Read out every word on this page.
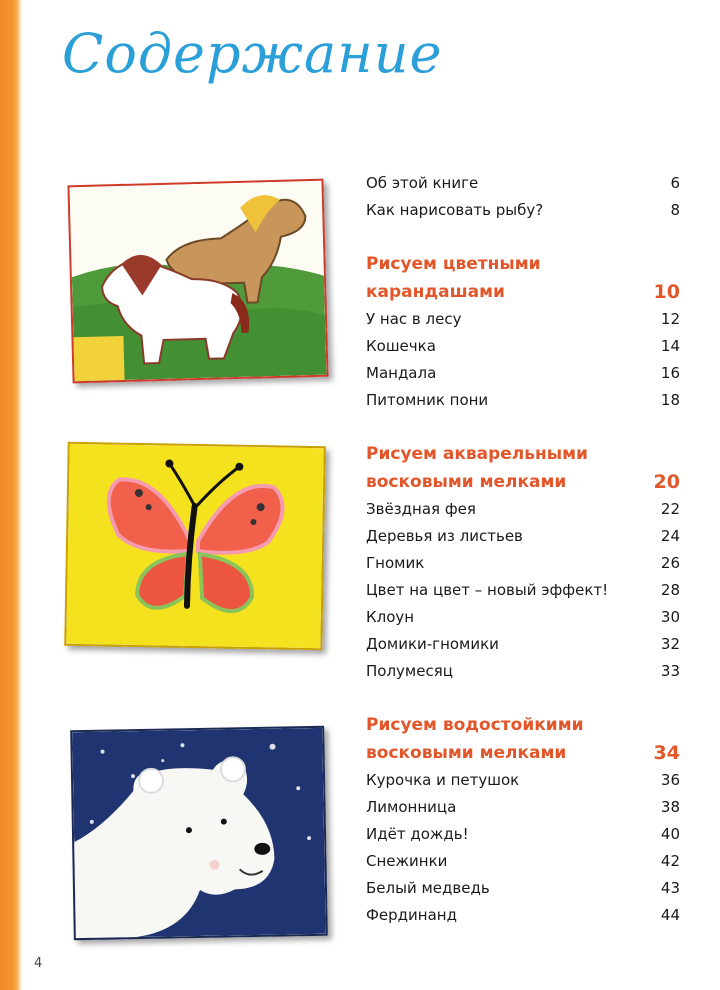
Содержание
Об этой книге	6
Как нарисовать рыбу?	8
Рисуем цветными
карандашами	10
У нас в лесу	12
Кошечка	14
Мандала	16
Питомник пони	18
Рисуем акварельными
восковыми мелками	20
Звёздная фея	22
Деревья из листьев	24
Гномик	26
Цвет на цвет – новый эффект!	28
Клоун	30
Домики-гномики	32
Полумесяц	33
Рисуем водостойкими
восковыми мелками	34
Курочка и петушок	36
Лимонница	38
Идёт дождь!	40
Снежинки	42
Белый медведь	43
Фердинанд	44
4
